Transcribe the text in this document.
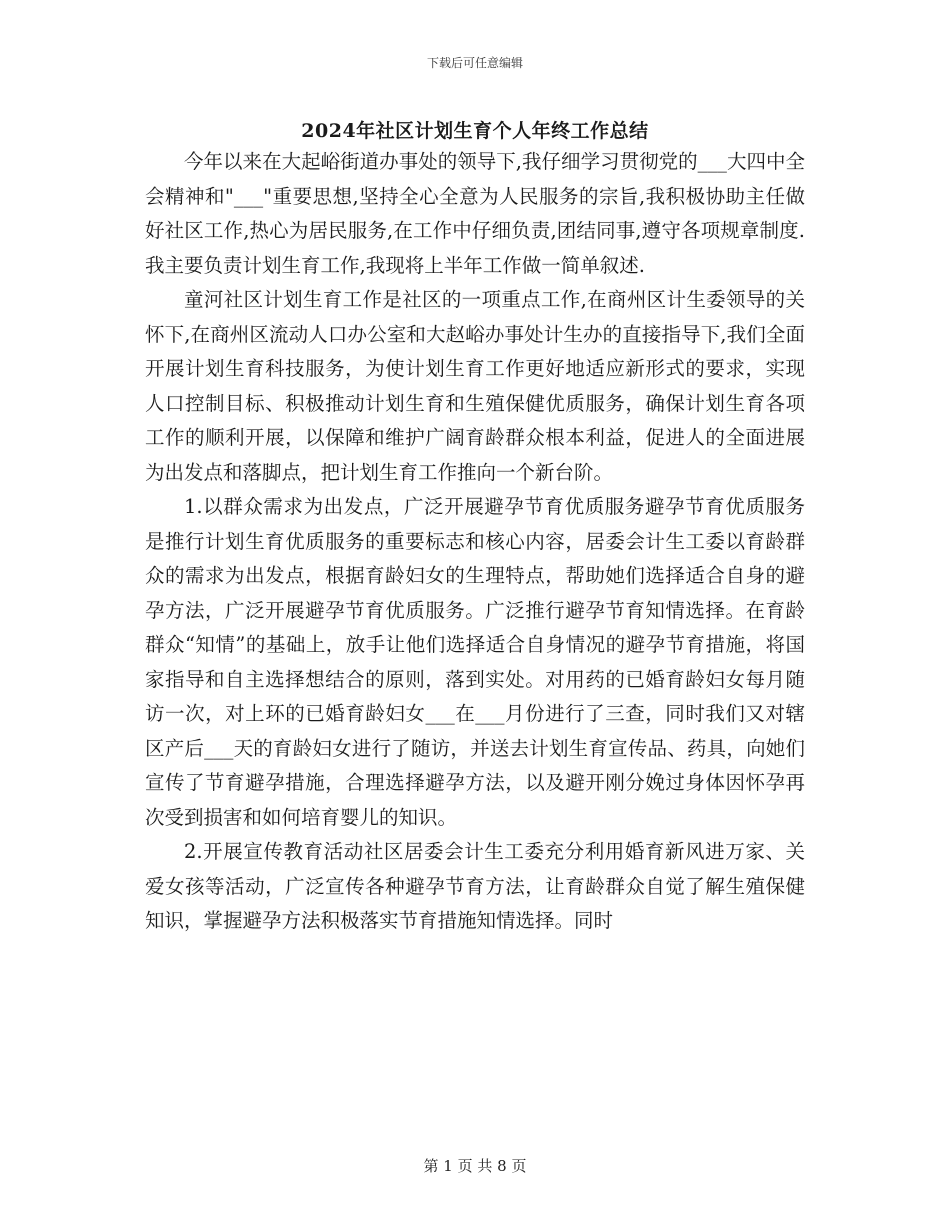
下载后可任意编辑
2024年社区计划生育个人年终工作总结

今年以来在大起峪街道办事处的领导下,我仔细学习贯彻党的___大四中全会精神和"___"重要思想,坚持全心全意为人民服务的宗旨,我积极协助主任做好社区工作,热心为居民服务,在工作中仔细负责,团结同事,遵守各项规章制度.我主要负责计划生育工作,我现将上半年工作做一简单叙述.

童河社区计划生育工作是社区的一项重点工作,在商州区计生委领导的关怀下,在商州区流动人口办公室和大赵峪办事处计生办的直接指导下,我们全面开展计划生育科技服务，为使计划生育工作更好地适应新形式的要求，实现人口控制目标、积极推动计划生育和生殖保健优质服务，确保计划生育各项工作的顺利开展，以保障和维护广阔育龄群众根本利益，促进人的全面进展为出发点和落脚点，把计划生育工作推向一个新台阶。

1.以群众需求为出发点，广泛开展避孕节育优质服务避孕节育优质服务是推行计划生育优质服务的重要标志和核心内容，居委会计生工委以育龄群众的需求为出发点，根据育龄妇女的生理特点，帮助她们选择适合自身的避孕方法，广泛开展避孕节育优质服务。广泛推行避孕节育知情选择。在育龄群众“知情”的基础上，放手让他们选择适合自身情况的避孕节育措施，将国家指导和自主选择想结合的原则，落到实处。对用药的已婚育龄妇女每月随访一次，对上环的已婚育龄妇女___在___月份进行了三查，同时我们又对辖区产后___天的育龄妇女进行了随访，并送去计划生育宣传品、药具，向她们宣传了节育避孕措施，合理选择避孕方法，以及避开刚分娩过身体因怀孕再次受到损害和如何培育婴儿的知识。

2.开展宣传教育活动社区居委会计生工委充分利用婚育新风进万家、关爱女孩等活动，广泛宣传各种避孕节育方法，让育龄群众自觉了解生殖保健知识，掌握避孕方法积极落实节育措施知情选择。同时

第 1 页 共 8 页
